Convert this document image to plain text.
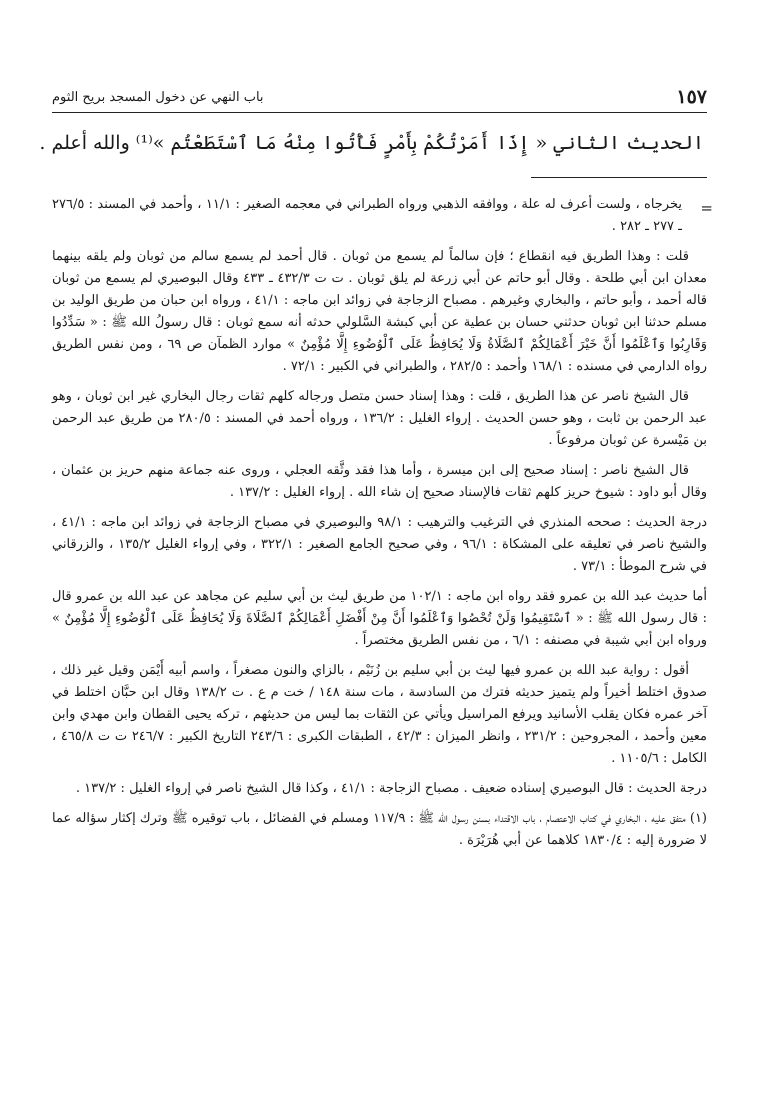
١٥٧
باب النهي عن دخول المسجد بريح الثوم
الحديث الثاني « إِذَا أَمَرْتُكُمْ بِأَمْرٍ فَأْتُوا مِنْهُ مَا ٱسْتَطَعْتُم »⁽¹⁾ والله أعلم .
=

يخرجاه ، ولست أعرف له علة ، ووافقه الذهبي ورواه الطبراني في معجمه الصغير : ١١/١ ، وأحمد في المسند : ٢٧٦/٥ ـ ٢٧٧ ـ ٢٨٢ .

قلت : وهذا الطريق فيه انقطاع ؛ فإن سالماً لم يسمع من ثوبان . قال أحمد لم يسمع سالم من ثوبان ولم يلقه بينهما معدان ابن أبي طلحة . وقال أبو حاتم عن أبي زرعة لم يلق ثوبان . ت ت ٤٣٢/٣ ـ ٤٣٣ وقال البوصيري لم يسمع من ثوبان قاله أحمد ، وأبو حاتم ، والبخاري وغيرهم . مصباح الزجاجة في زوائد ابن ماجه : ٤١/١ ، ورواه ابن حبان من طريق الوليد بن مسلم حدثنا ابن ثوبان حدثني حسان بن عطية عن أبي كبشة السَّلولي حدثه أنه سمع ثوبان : قال رسولُ الله ﷺ : « سَدِّدُوا وَقَارِبُوا وَٱعْلَمُوا أَنَّ خَيْرَ أَعْمَالِكُمْ ٱلصَّلَاةُ وَلَا يُحَافِظُ عَلَى ٱلْوُضُوءِ إِلَّا مُؤْمِنٌ » موارد الظمآن ص ٦٩ ، ومن نفس الطريق رواه الدارمي في مسنده : ١٦٨/١ وأحمد : ٢٨٢/٥ ، والطبراني في الكبير : ٧٢/١ .

قال الشيخ ناصر عن هذا الطريق ، قلت : وهذا إسناد حسن متصل ورجاله كلهم ثقات رجال البخاري غير ابن ثوبان ، وهو عبد الرحمن بن ثابت ، وهو حسن الحديث . إرواء الغليل : ١٣٦/٢ ، ورواه أحمد في المسند : ٢٨٠/٥ من طريق عبد الرحمن بن مَيْسرة عن ثوبان مرفوعاً .

قال الشيخ ناصر : إسناد صحيح إلى ابن ميسرة ، وأما هذا فقد وثَّقه العجلي ، وروى عنه جماعة منهم حريز بن عثمان ، وقال أبو داود : شيوخ حريز كلهم ثقات فالإسناد صحيح إن شاء الله . إرواء الغليل : ١٣٧/٢ .

درجة الحديث : صححه المنذري في الترغيب والترهيب : ٩٨/١ والبوصيري في مصباح الزجاجة في زوائد ابن ماجه : ٤١/١ ، والشيخ ناصر في تعليقه على المشكاة : ٩٦/١ ، وفي صحيح الجامع الصغير : ٣٢٢/١ ، وفي إرواء الغليل ١٣٥/٢ ، والزرقاني في شرح الموطأ : ٧٣/١ .

أما حديث عبد الله بن عمرو فقد رواه ابن ماجه : ١٠٢/١ من طريق ليث بن أبي سليم عن مجاهد عن عبد الله بن عمرو قال : قال رسول الله ﷺ : « ٱسْتَقِيمُوا وَلَنْ تُحْصُوا وَٱعْلَمُوا أَنَّ مِنْ أَفْضَلِ أَعْمَالِكُمْ ٱلصَّلَاةَ وَلَا يُحَافِظُ عَلَى ٱلْوُضُوءِ إِلَّا مُؤْمِنٌ » ورواه ابن أبي شيبة في مصنفه : ٦/١ ، من نفس الطريق مختصراً .

أقول : رواية عبد الله بن عمرو فيها ليث بن أبي سليم بن زُنَيْم ، بالزاي والنون مصغراً ، واسم أبيه أَيْمَن وقيل غير ذلك ، صدوق اختلط أخيراً ولم يتميز حديثه فترك من السادسة ، مات سنة ١٤٨ / خت م ع . ت ١٣٨/٢ وقال ابن حبَّان اختلط في آخر عمره فكان يقلب الأسانيد ويرفع المراسيل ويأتي عن الثقات بما ليس من حديثهم ، تركه يحيى القطان وابن مهدي وابن معين وأحمد ، المجروحين : ٢٣١/٢ ، وانظر الميزان : ٤٢/٣ ، الطبقات الكبرى : ٢٤٣/٦ التاريخ الكبير : ٢٤٦/٧ ت ت ٤٦٥/٨ ، الكامل : ١١٠٥/٦ .

درجة الحديث : قال البوصيري إسناده ضعيف . مصباح الزجاجة : ٤١/١ ، وكذا قال الشيخ ناصر في إرواء الغليل : ١٣٧/٢ .

(١) متفق عليه ، البخاري في كتاب الاعتصام ، باب الاقتداء بسنن رسول الله ﷺ : ١١٧/٩ ومسلم في الفضائل ، باب توقيره ﷺ وترك إكثار سؤاله عما لا ضرورة إليه : ١٨٣٠/٤ كلاهما عن أبي هُرَيْرَة .
